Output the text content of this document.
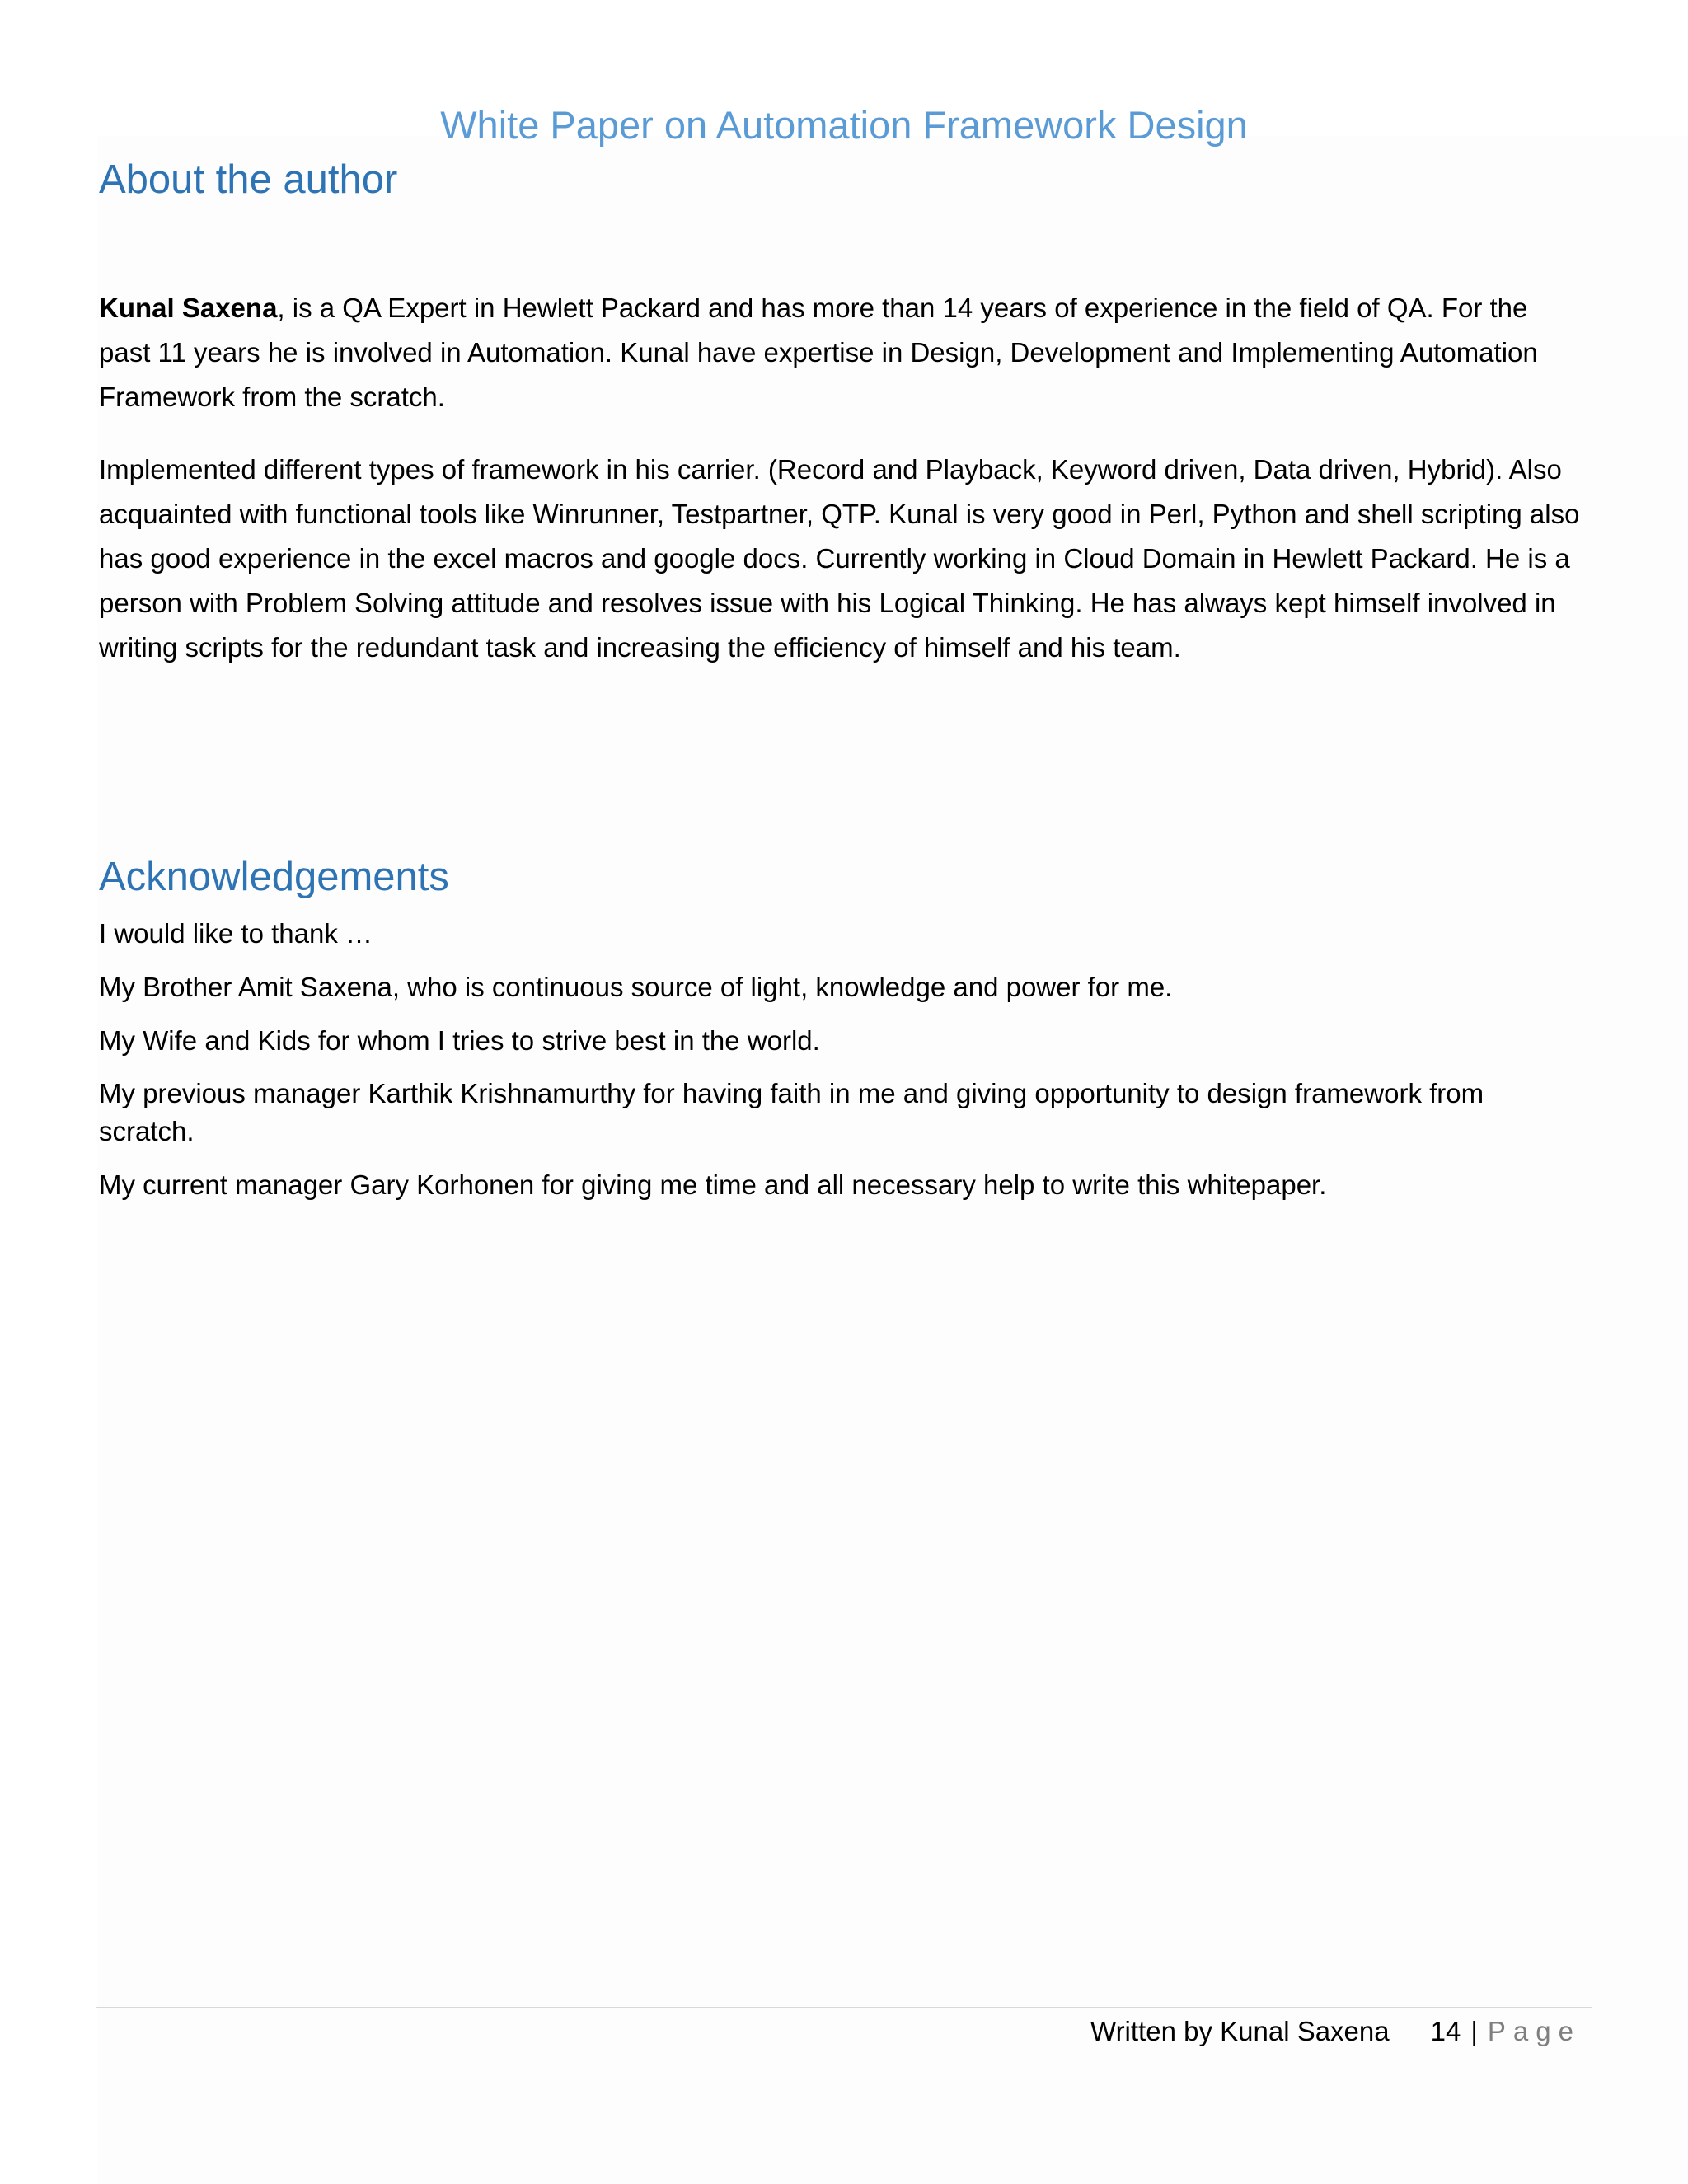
White Paper on Automation Framework Design
About the author

Kunal Saxena, is a QA Expert in Hewlett Packard and has more than 14 years of experience in the field of QA. For the past 11 years he is involved in Automation. Kunal have expertise in Design, Development and Implementing Automation Framework from the scratch.

Implemented different types of framework in his carrier. (Record and Playback, Keyword driven, Data driven, Hybrid). Also acquainted with functional tools like Winrunner, Testpartner, QTP. Kunal is very good in Perl, Python and shell scripting also has good experience in the excel macros and google docs. Currently working in Cloud Domain in Hewlett Packard. He is a person with Problem Solving attitude and resolves issue with his Logical Thinking. He has always kept himself involved in writing scripts for the redundant task and increasing the efficiency of himself and his team.

Acknowledgements

I would like to thank …

My Brother Amit Saxena, who is continuous source of light, knowledge and power for me.

My Wife and Kids for whom I tries to strive best in the world.

My previous manager Karthik Krishnamurthy for having faith in me and giving opportunity to design framework from scratch.

My current manager Gary Korhonen for giving me time and all necessary help to write this whitepaper.

Written by Kunal Saxena 14 | Page
